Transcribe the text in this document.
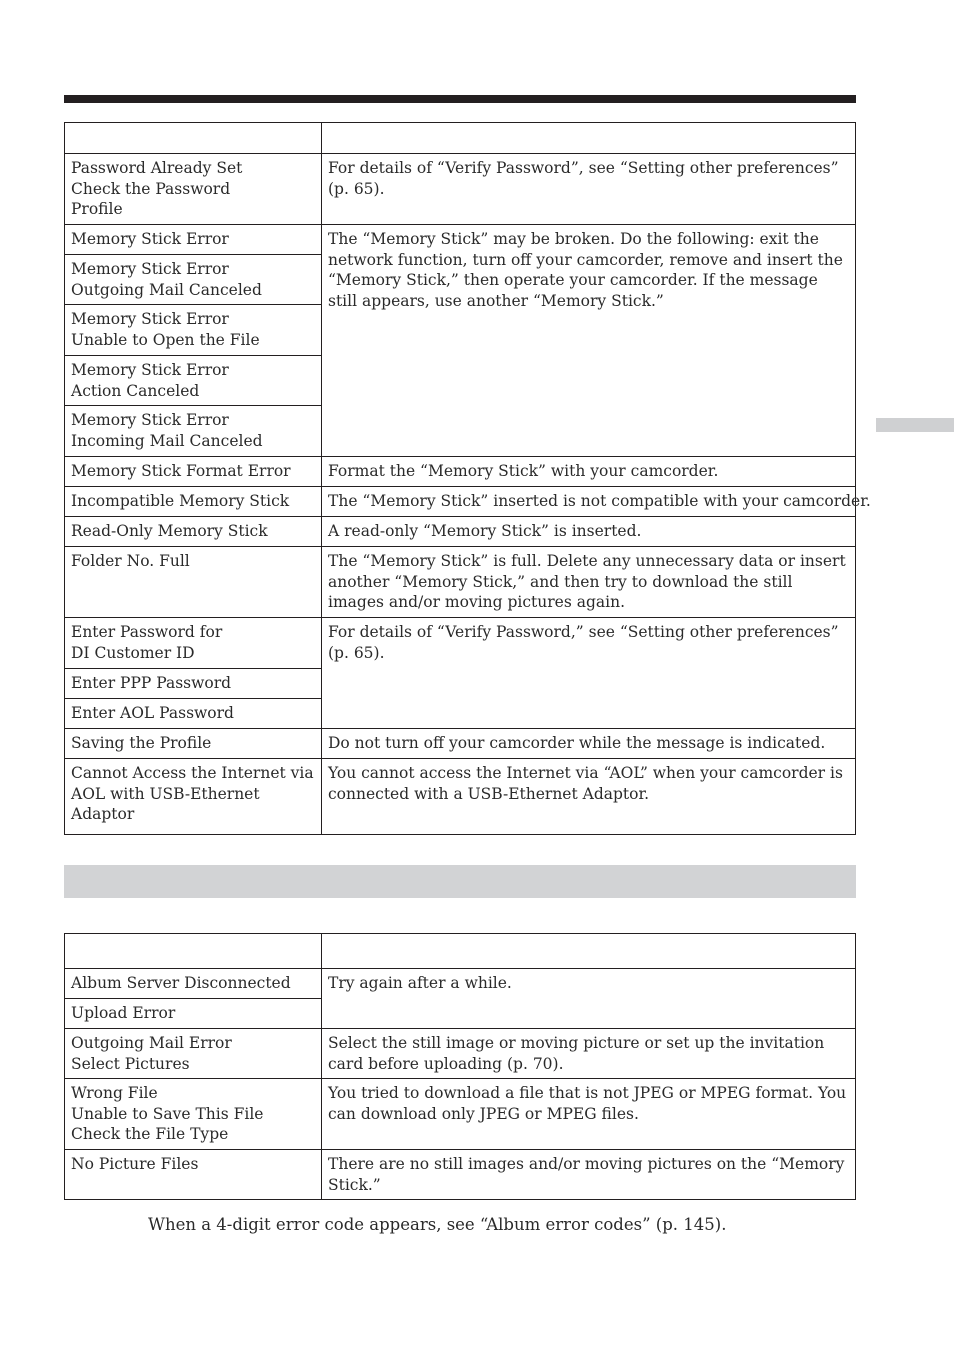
Password Already Set
Check the Password
Profile	For details of “Verify Password”, see “Setting other preferences” (p. 65).

Memory Stick Error	The “Memory Stick” may be broken. Do the following: exit the network function, turn off your camcorder, remove and insert the “Memory Stick,” then operate your camcorder. If the message still appears, use another “Memory Stick.”

Memory Stick Error
Outgoing Mail Canceled	

Memory Stick Error
Unable to Open the File	

Memory Stick Error
Action Canceled	

Memory Stick Error
Incoming Mail Canceled	

Memory Stick Format Error	Format the “Memory Stick” with your camcorder.

Incompatible Memory Stick	The “Memory Stick” inserted is not compatible with your camcorder.

Read-Only Memory Stick	A read-only “Memory Stick” is inserted.

Folder No. Full	The “Memory Stick” is full. Delete any unnecessary data or insert another “Memory Stick,” and then try to download the still images and/or moving pictures again.

Enter Password for
DI Customer ID	For details of “Verify Password,” see “Setting other preferences” (p. 65).

Enter PPP Password	

Enter AOL Password	

Saving the Profile	Do not turn off your camcorder while the message is indicated.

Cannot Access the Internet via
AOL with USB-Ethernet
Adaptor	You cannot access the Internet via “AOL” when your camcorder is connected with a USB-Ethernet Adaptor.

Album Server Disconnected	Try again after a while.

Upload Error	

Outgoing Mail Error
Select Pictures	Select the still image or moving picture or set up the invitation card before uploading (p. 70).

Wrong File
Unable to Save This File
Check the File Type	You tried to download a file that is not JPEG or MPEG format. You can download only JPEG or MPEG files.

No Picture Files	There are no still images and/or moving pictures on the “Memory Stick.”
When a 4-digit error code appears, see “Album error codes” (p. 145).
